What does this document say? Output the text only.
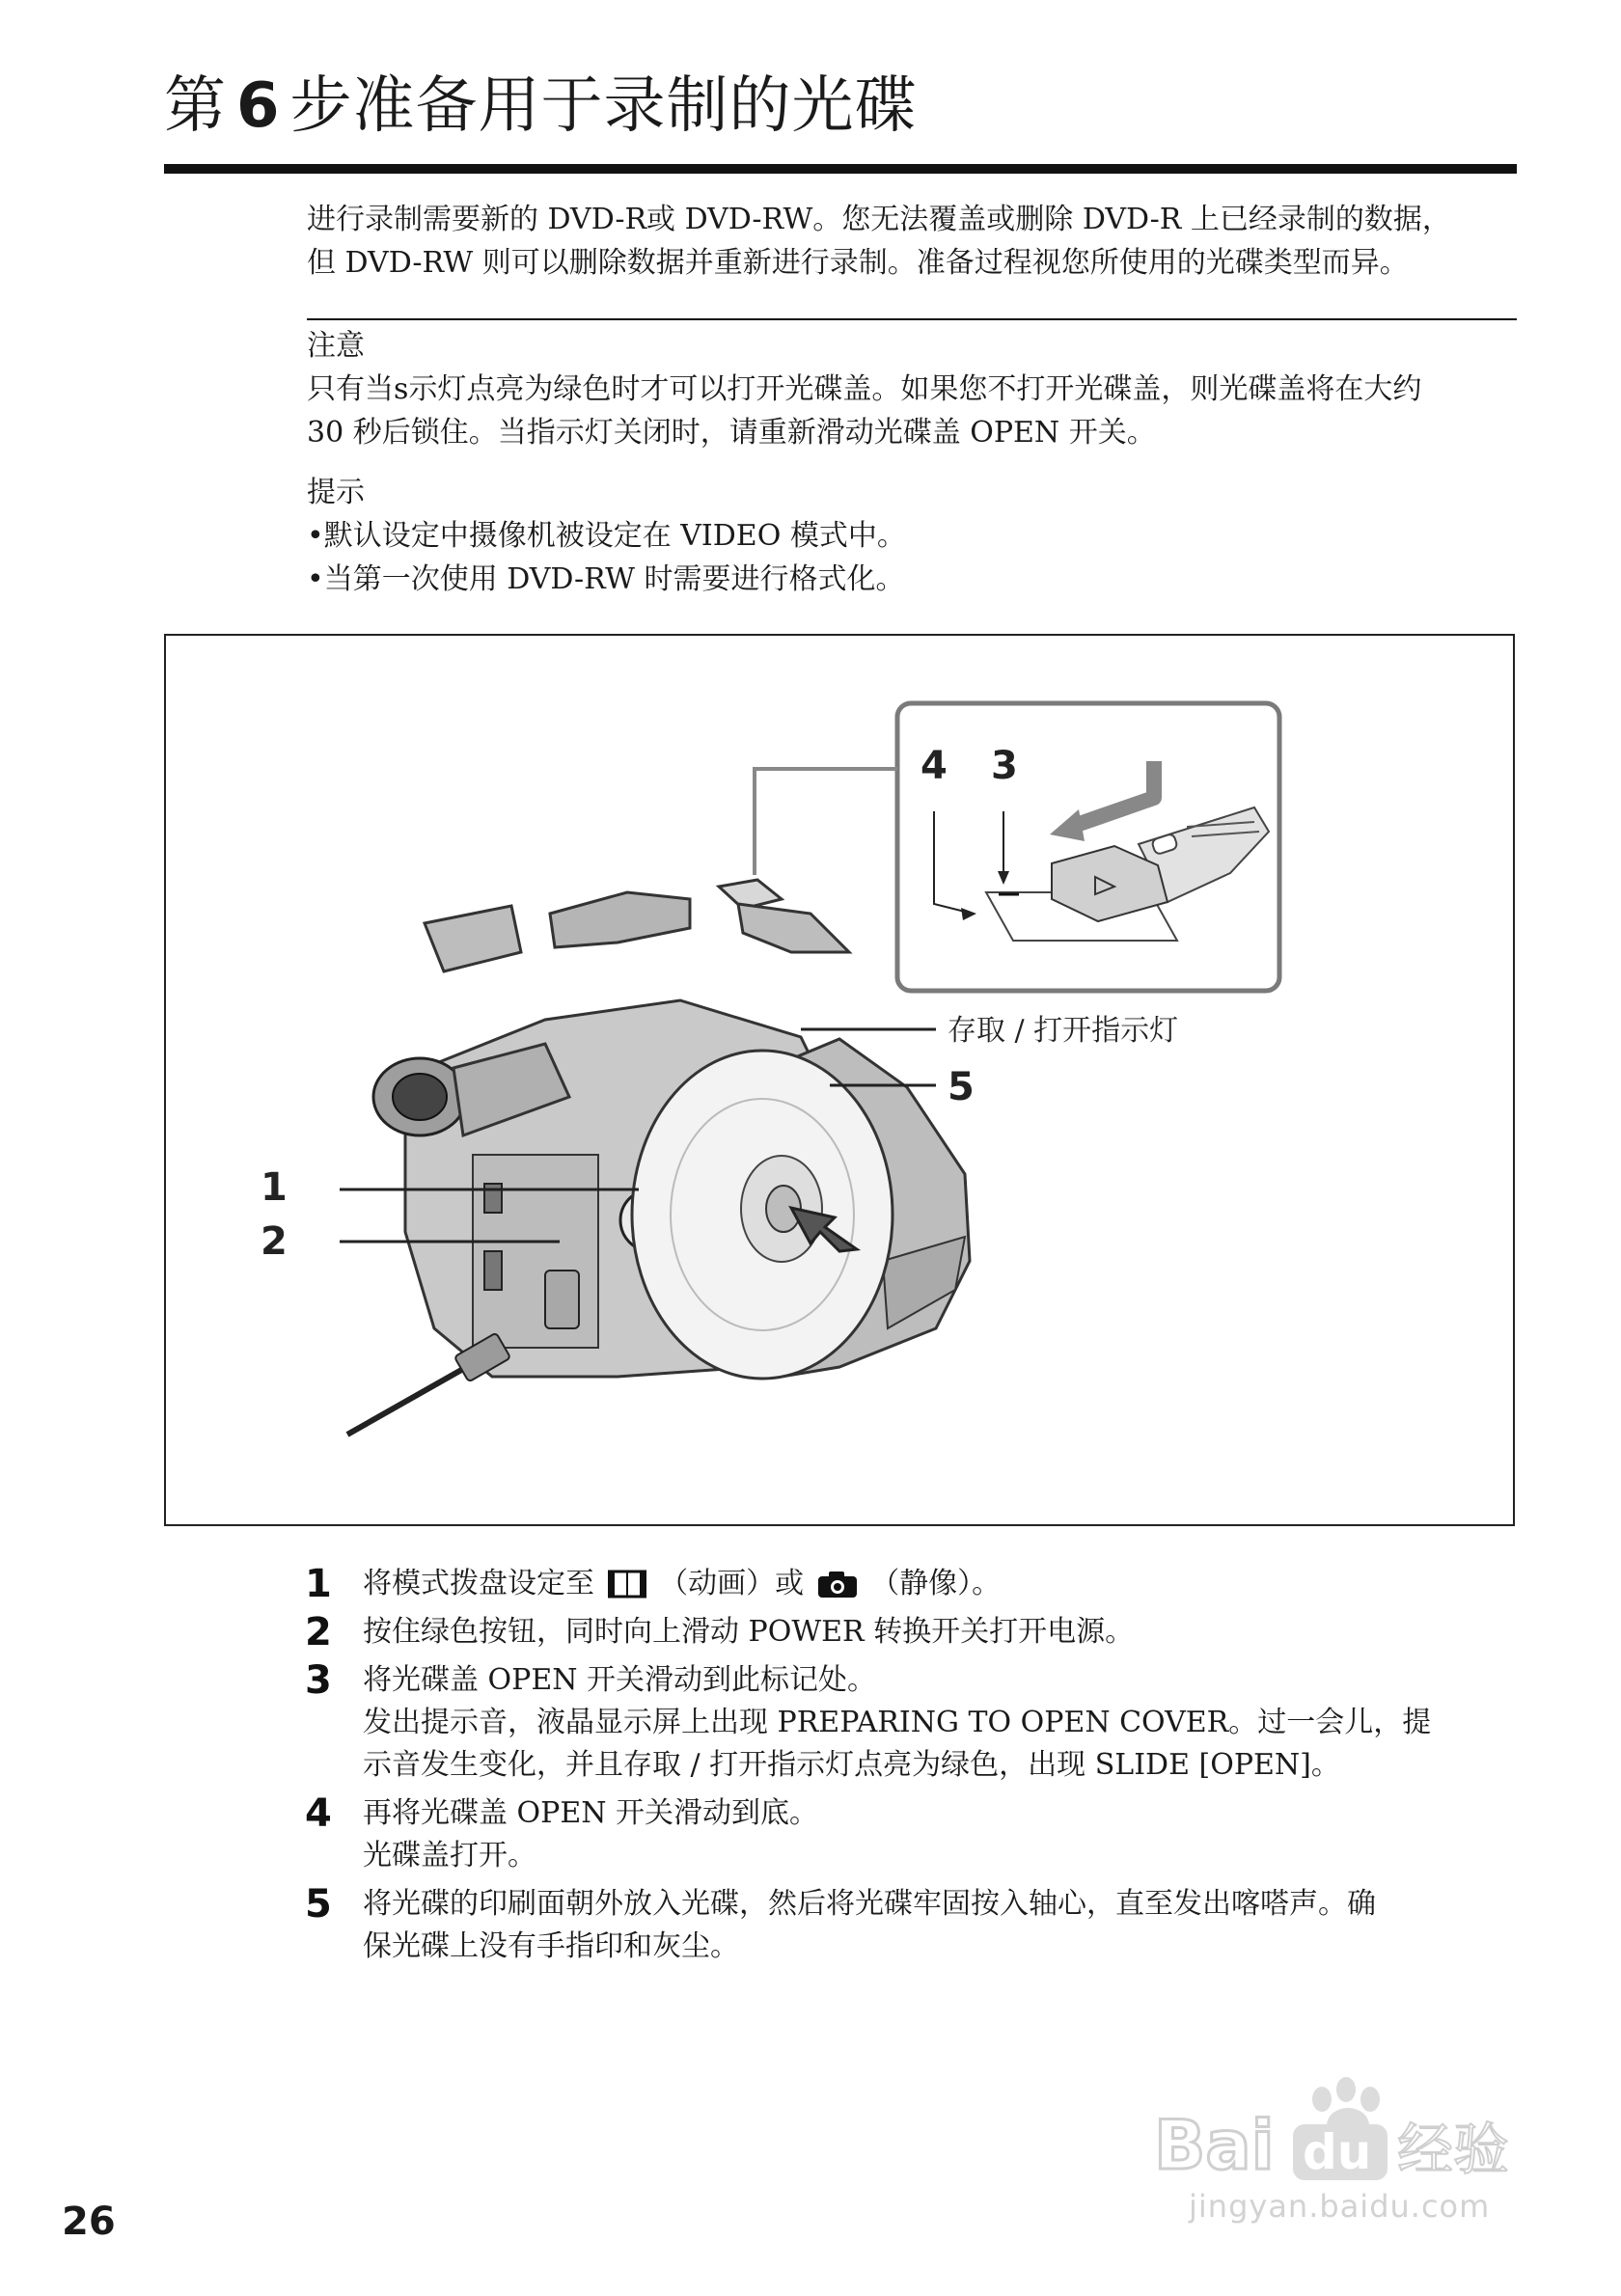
第 6 步准备用于录制的光碟
进行录制需要新的 DVD-R或 DVD-RW。您无法覆盖或删除 DVD-R 上已经录制的数据，
但 DVD-RW 则可以删除数据并重新进行录制。准备过程视您所使用的光碟类型而异。
注意
只有当s示灯点亮为绿色时才可以打开光碟盖。如果您不打开光碟盖，则光碟盖将在大约
30 秒后锁住。当指示灯关闭时，请重新滑动光碟盖 OPEN 开关。
提示
•默认设定中摄像机被设定在 VIDEO 模式中。
•当第一次使用 DVD-RW 时需要进行格式化。
4 3
1
2
存取 / 打开指示灯
5
1 将模式拨盘设定至 （动画）或 （静像）。
2 按住绿色按钮，同时向上滑动 POWER 转换开关打开电源。
3 将光碟盖 OPEN 开关滑动到此标记处。
发出提示音，液晶显示屏上出现 PREPARING TO OPEN COVER。过一会儿，提
示音发生变化，并且存取 / 打开指示灯点亮为绿色，出现 SLIDE [OPEN]。
4 再将光碟盖 OPEN 开关滑动到底。
光碟盖打开。
5 将光碟的印刷面朝外放入光碟，然后将光碟牢固按入轴心，直至发出喀嗒声。确
保光碟上没有手指印和灰尘。
Bai du 经验
jingyan.baidu.com
26
